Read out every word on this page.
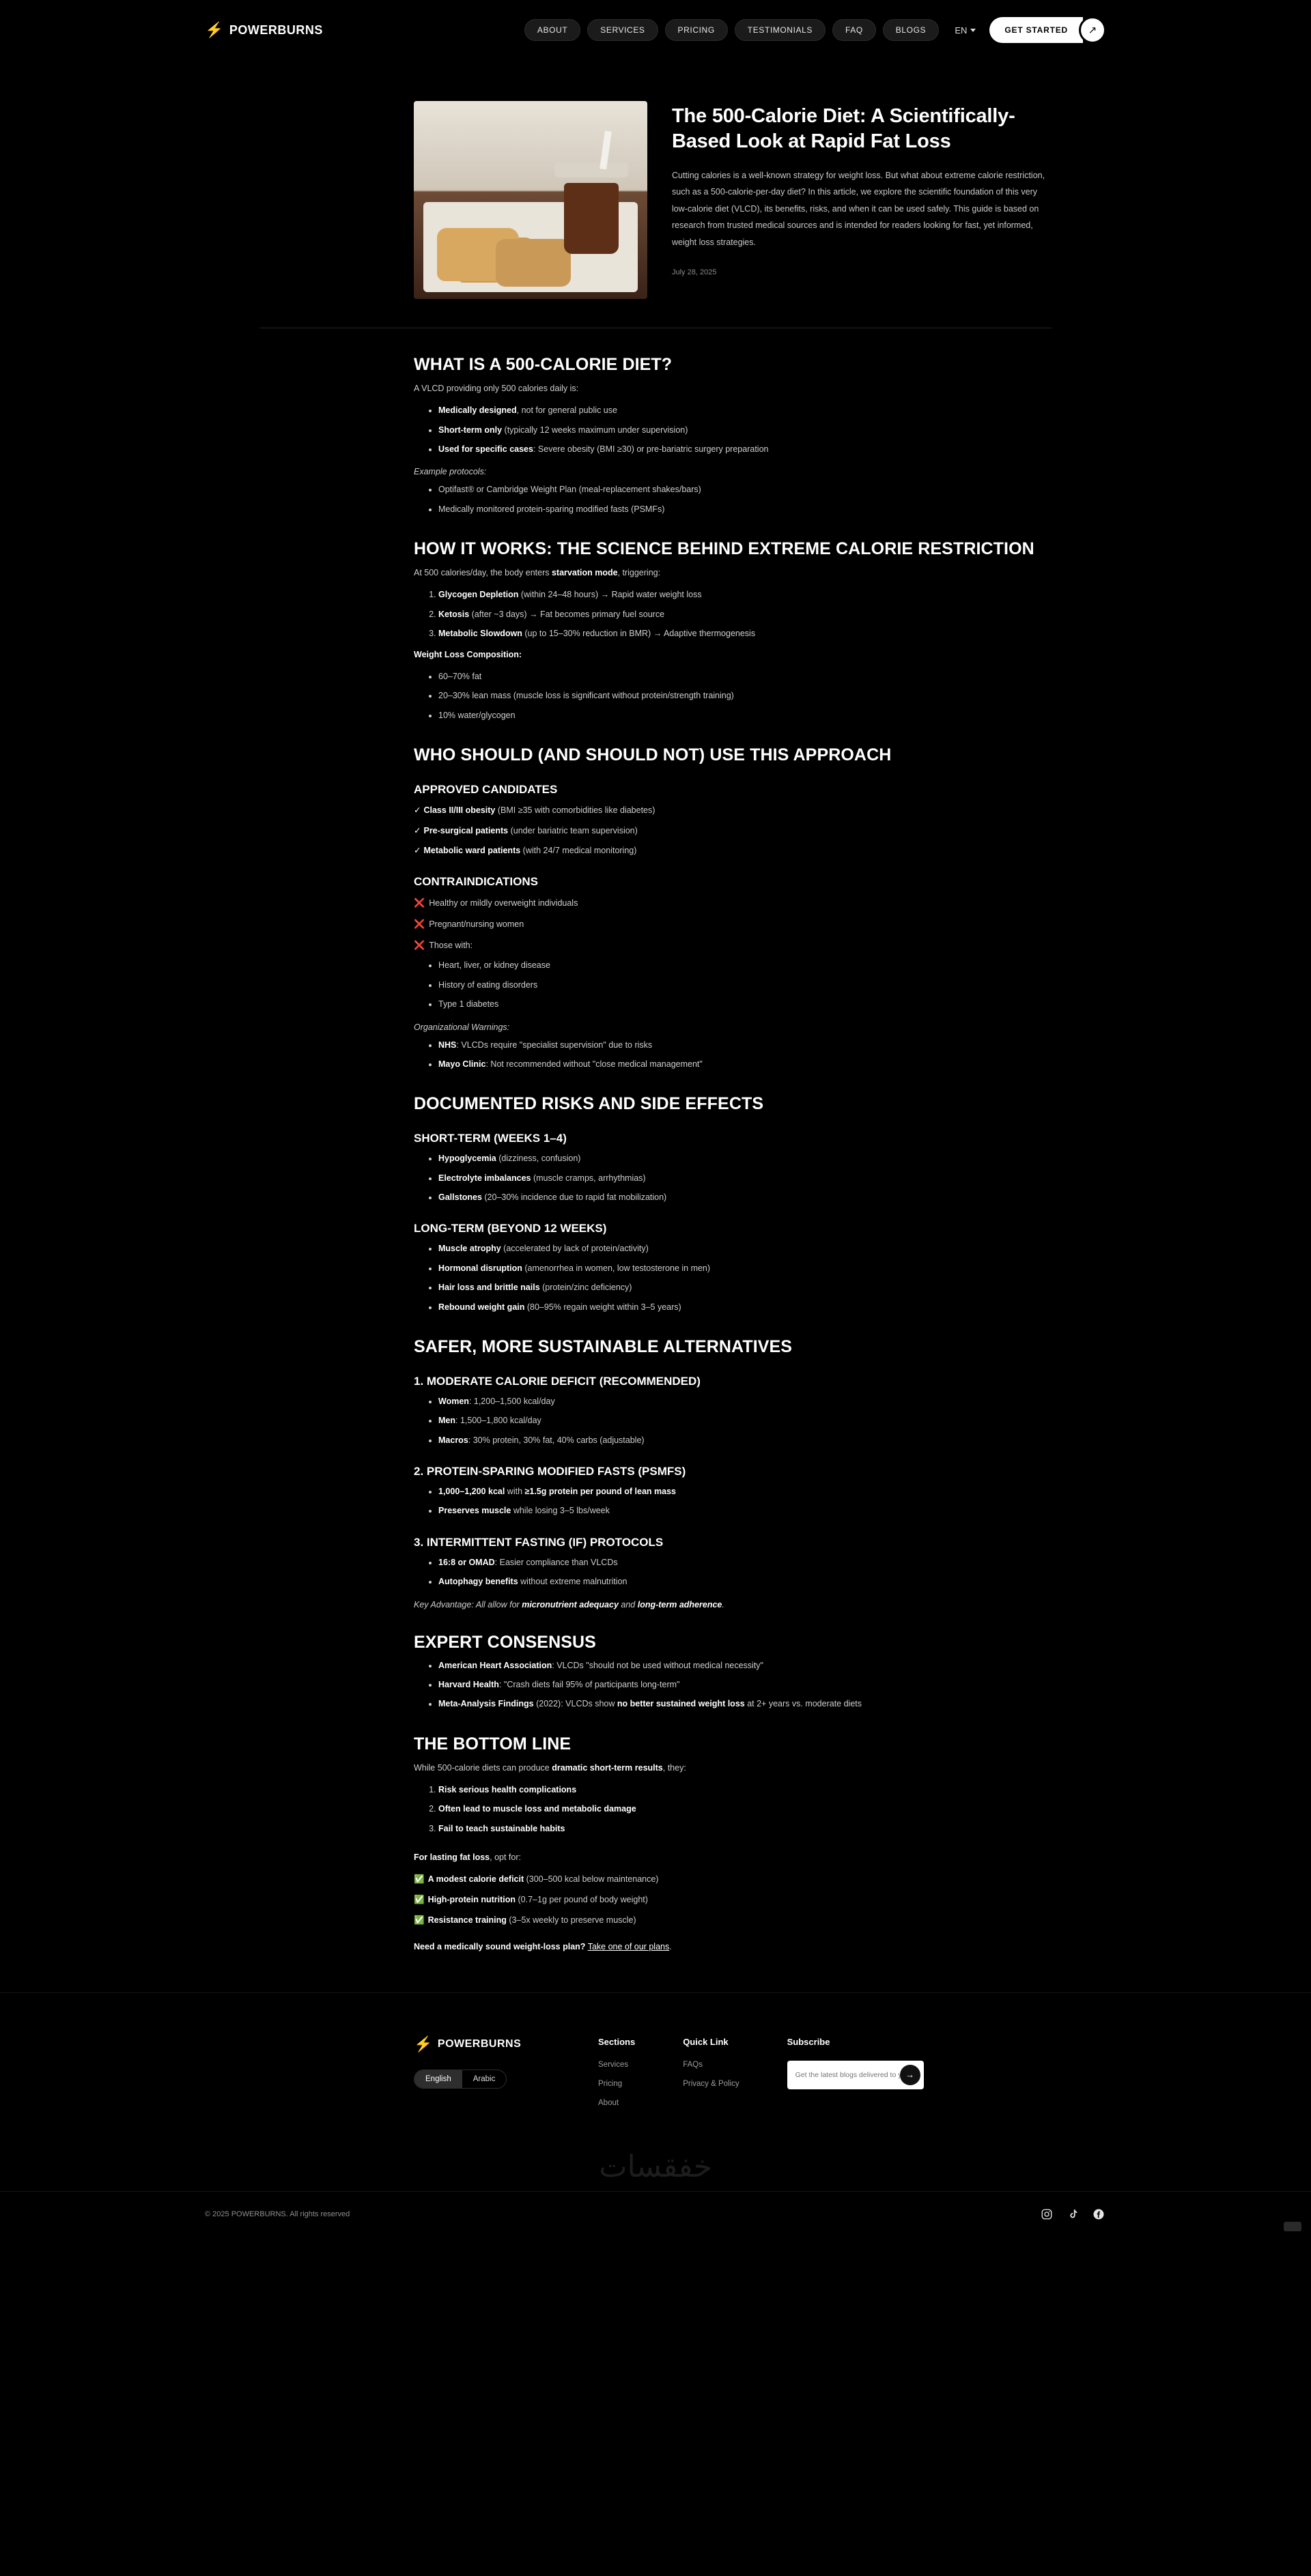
⚡ POWERBURNS	ABOUT	SERVICES	PRICING	TESTIMONIALS	FAQ	BLOGS	EN	GET STARTED	↗
The 500-Calorie Diet: A Scientifically-Based Look at Rapid Fat Loss
Cutting calories is a well-known strategy for weight loss. But what about extreme calorie restriction, such as a 500-calorie-per-day diet? In this article, we explore the scientific foundation of this very low-calorie diet (VLCD), its benefits, risks, and when it can be used safely. This guide is based on research from trusted medical sources and is intended for readers looking for fast, yet informed, weight loss strategies.
July 28, 2025
WHAT IS A 500-CALORIE DIET?

A VLCD providing only 500 calories daily is:

• Medically designed, not for general public use
• Short-term only (typically 12 weeks maximum under supervision)
• Used for specific cases: Severe obesity (BMI ≥30) or pre-bariatric surgery preparation

Example protocols:

• Optifast® or Cambridge Weight Plan (meal-replacement shakes/bars)
• Medically monitored protein-sparing modified fasts (PSMFs)
HOW IT WORKS: THE SCIENCE BEHIND EXTREME CALORIE RESTRICTION

At 500 calories/day, the body enters starvation mode, triggering:

1. Glycogen Depletion (within 24–48 hours) → Rapid water weight loss
2. Ketosis (after ~3 days) → Fat becomes primary fuel source
3. Metabolic Slowdown (up to 15–30% reduction in BMR) → Adaptive thermogenesis

Weight Loss Composition:

• 60–70% fat
• 20–30% lean mass (muscle loss is significant without protein/strength training)
• 10% water/glycogen
WHO SHOULD (AND SHOULD NOT) USE THIS APPROACH
APPROVED CANDIDATES
✓ Class II/III obesity (BMI ≥35 with comorbidities like diabetes)
✓ Pre-surgical patients (under bariatric team supervision)
✓ Metabolic ward patients (with 24/7 medical monitoring)
CONTRAINDICATIONS
❌ Healthy or mildly overweight individuals
❌ Pregnant/nursing women
❌ Those with:
• Heart, liver, or kidney disease
• History of eating disorders
• Type 1 diabetes

Organizational Warnings:

• NHS: VLCDs require "specialist supervision" due to risks
• Mayo Clinic: Not recommended without "close medical management"
DOCUMENTED RISKS AND SIDE EFFECTS
SHORT-TERM (WEEKS 1–4)
• Hypoglycemia (dizziness, confusion)
• Electrolyte imbalances (muscle cramps, arrhythmias)
• Gallstones (20–30% incidence due to rapid fat mobilization)
LONG-TERM (BEYOND 12 WEEKS)
• Muscle atrophy (accelerated by lack of protein/activity)
• Hormonal disruption (amenorrhea in women, low testosterone in men)
• Hair loss and brittle nails (protein/zinc deficiency)
• Rebound weight gain (80–95% regain weight within 3–5 years)
SAFER, MORE SUSTAINABLE ALTERNATIVES
1. MODERATE CALORIE DEFICIT (RECOMMENDED)
• Women: 1,200–1,500 kcal/day
• Men: 1,500–1,800 kcal/day
• Macros: 30% protein, 30% fat, 40% carbs (adjustable)
2. PROTEIN-SPARING MODIFIED FASTS (PSMFS)
• 1,000–1,200 kcal with ≥1.5g protein per pound of lean mass
• Preserves muscle while losing 3–5 lbs/week
3. INTERMITTENT FASTING (IF) PROTOCOLS
• 16:8 or OMAD: Easier compliance than VLCDs
• Autophagy benefits without extreme malnutrition

Key Advantage: All allow for micronutrient adequacy and long-term adherence.

EXPERT CONSENSUS
• American Heart Association: VLCDs "should not be used without medical necessity"
• Harvard Health: "Crash diets fail 95% of participants long-term"
• Meta-Analysis Findings (2022): VLCDs show no better sustained weight loss at 2+ years vs. moderate diets
THE BOTTOM LINE

While 500-calorie diets can produce dramatic short-term results, they:

1. Risk serious health complications
2. Often lead to muscle loss and metabolic damage
3. Fail to teach sustainable habits

For lasting fat loss, opt for:

✅ A modest calorie deficit (300–500 kcal below maintenance)
✅ High-protein nutrition (0.7–1g per pound of body weight)
✅ Resistance training (3–5x weekly to preserve muscle)

Need a medically sound weight-loss plan? Take one of our plans.

⚡ POWERBURNS
English	Arabic
Sections
Services
Pricing
About
Quick Link
FAQs
Privacy & Policy
Subscribe
Get the latest blogs delivered to your
→
خفقسات
© 2025 POWERBURNS. All rights reserved
